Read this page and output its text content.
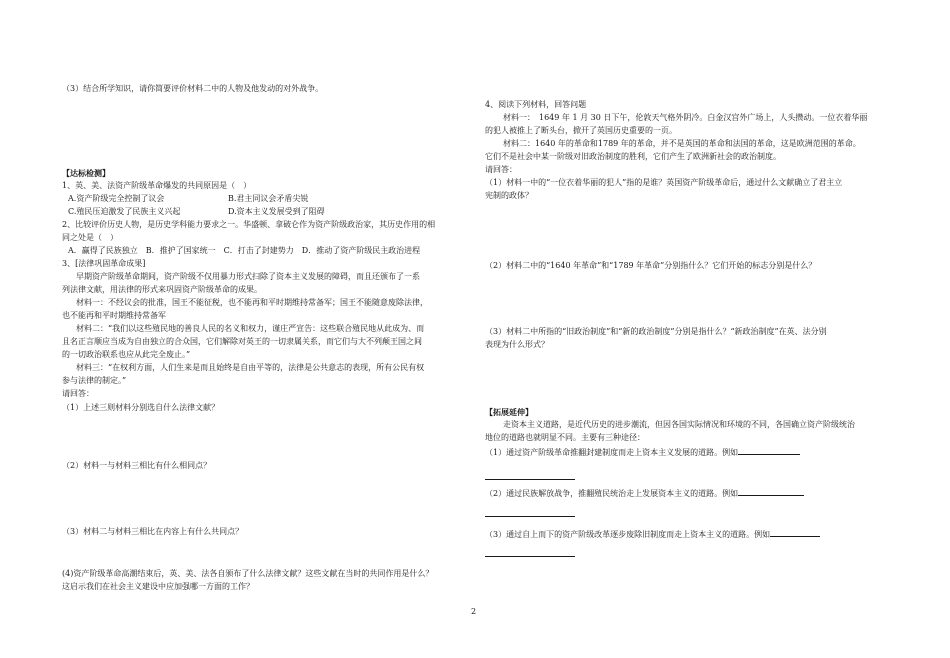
（3）结合所学知识，请你简要评价材料二中的人物及他发动的对外战争。
【达标检测】
1、英、美、法资产阶级革命爆发的共同原因是（　）
A.资产阶级完全控制了议会	B.君主同议会矛盾尖锐
C.殖民压迫激发了民族主义兴起	D.资本主义发展受到了阻碍
2、比较评价历史人物，是历史学科能力要求之一。华盛顿、拿破仑作为资产阶级政治家，其历史作用的相
同之处是（　）
A．赢得了民族独立　B．推护了国家统一　C．打击了封建势力　D．推动了资产阶级民主政治进程
3、[法律巩固革命成果]
早期资产阶级革命期间，资产阶级不仅用暴力形式扫除了资本主义发展的障碍，而且还颁布了一系
列法律文献，用法律的形式来巩固资产阶级革命的成果。
材料一：不经议会的批准，国王不能征税，也不能再和平时期维持常备军；国王不能随意废除法律，
也不能再和平时期维持常备军
材料二：“我们以这些殖民地的善良人民的名义和权力，谨庄严宣告：这些联合殖民地从此成为、而
且名正言顺应当成为自由独立的合众国，它们解除对英王的一切隶属关系，而它们与大不列颠王国之间
的一切政治联系也应从此完全废止。”
材料三：“在权利方面，人们生来是而且始终是自由平等的，法律是公共意志的表现，所有公民有权
参与法律的制定。”
请回答：
（1）上述三则材料分别选自什么法律文献？
（2）材料一与材料三相比有什么相同点？
（3）材料二与材料三相比在内容上有什么共同点？
(4)资产阶级革命高潮结束后，英、美、法各自颁布了什么法律文献？这些文献在当时的共同作用是什么？
这启示我们在社会主义建设中应加强哪一方面的工作？
4、阅读下列材料，回答问题
材料一：　1649 年 1 月 30 日下午，伦敦天气格外阴冷。白金汉宫外广场上，人头攒动。一位衣着华丽
的犯人被推上了断头台，掀开了英国历史重要的一页。
材料二：1640 年的革命和1789 年的革命，并不是英国的革命和法国的革命，这是欧洲范围的革命。
它们不是社会中某一阶级对旧政治制度的胜利，它们产生了欧洲新社会的政治制度。
请回答：
（1）材料一中的“一位衣着华丽的犯人”指的是谁？英国资产阶级革命后，通过什么文献确立了君主立
宪制的政体？
（2）材料二中的“1640 年革命”和“1789 年革命”分别指什么？它们开始的标志分别是什么？
（3）材料二中所指的“旧政治制度”和“新的政治制度”分别是指什么？“新政治制度”在英、法分别
表现为什么形式？
【拓展延伸】
走资本主义道路，是近代历史的进步潮流，但因各国实际情况和环境的不同，各国确立资产阶级统治
地位的道路也就明显不同。主要有三种途径：
（1）通过资产阶级革命推翻封建制度而走上资本主义发展的道路。例如
（2）通过民族解放战争，推翻殖民统治走上发展资本主义的道路。例如
（3）通过自上而下的资产阶级改革逐步废除旧制度而走上资本主义的道路。例如
2
